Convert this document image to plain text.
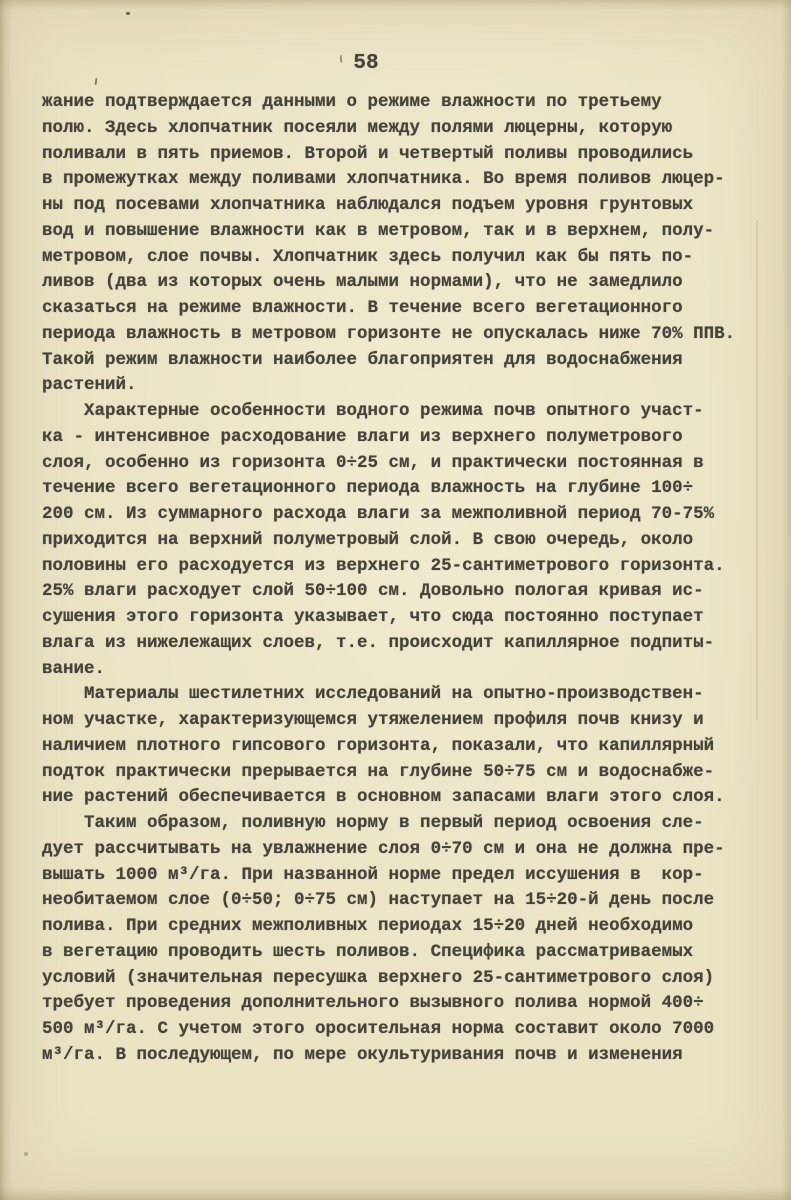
58

жание подтверждается данными о режиме влажности по третьему
полю. Здесь хлопчатник посеяли между полями люцерны, которую
поливали в пять приемов. Второй и четвертый поливы проводились
в промежутках между поливами хлопчатника. Во время поливов люцер-
ны под посевами хлопчатника наблюдался подъем уровня грунтовых
вод и повышение влажности как в метровом, так и в верхнем, полу-
метровом, слое почвы. Хлопчатник здесь получил как бы пять по-
ливов (два из которых очень малыми нормами), что не замедлило
сказаться на режиме влажности. В течение всего вегетационного
периода влажность в метровом горизонте не опускалась ниже 70% ППВ.
Такой режим влажности наиболее благоприятен для водоснабжения
растений.

Характерные особенности водного режима почв опытного участ-
ка - интенсивное расходование влаги из верхнего полуметрового
слоя, особенно из горизонта 0÷25 см, и практически постоянная в
течение всего вегетационного периода влажность на глубине 100÷
200 см. Из суммарного расхода влаги за межполивной период 70-75%
приходится на верхний полуметровый слой. В свою очередь, около
половины его расходуется из верхнего 25-сантиметрового горизонта.
25% влаги расходует слой 50÷100 см. Довольно пологая кривая ис-
сушения этого горизонта указывает, что сюда постоянно поступает
влага из нижележащих слоев, т.е. происходит капиллярное подпиты-
вание.

Материалы шестилетних исследований на опытно-производствен-
ном участке, характеризующемся утяжелением профиля почв книзу и
наличием плотного гипсового горизонта, показали, что капиллярный
подток практически прерывается на глубине 50÷75 см и водоснабже-
ние растений обеспечивается в основном запасами влаги этого слоя.

Таким образом, поливную норму в первый период освоения сле-
дует рассчитывать на увлажнение слоя 0÷70 см и она не должна пре-
вышать 1000 м³/га. При названной норме предел иссушения в  кор-
необитаемом слое (0÷50; 0÷75 см) наступает на 15÷20-й день после
полива. При средних межполивных периодах 15÷20 дней необходимо
в вегетацию проводить шесть поливов. Специфика рассматриваемых
условий (значительная пересушка верхнего 25-сантиметрового слоя)
требует проведения дополнительного вызывного полива нормой 400÷
500 м³/га. С учетом этого оросительная норма составит около 7000
м³/га. В последующем, по мере окультуривания почв и изменения
